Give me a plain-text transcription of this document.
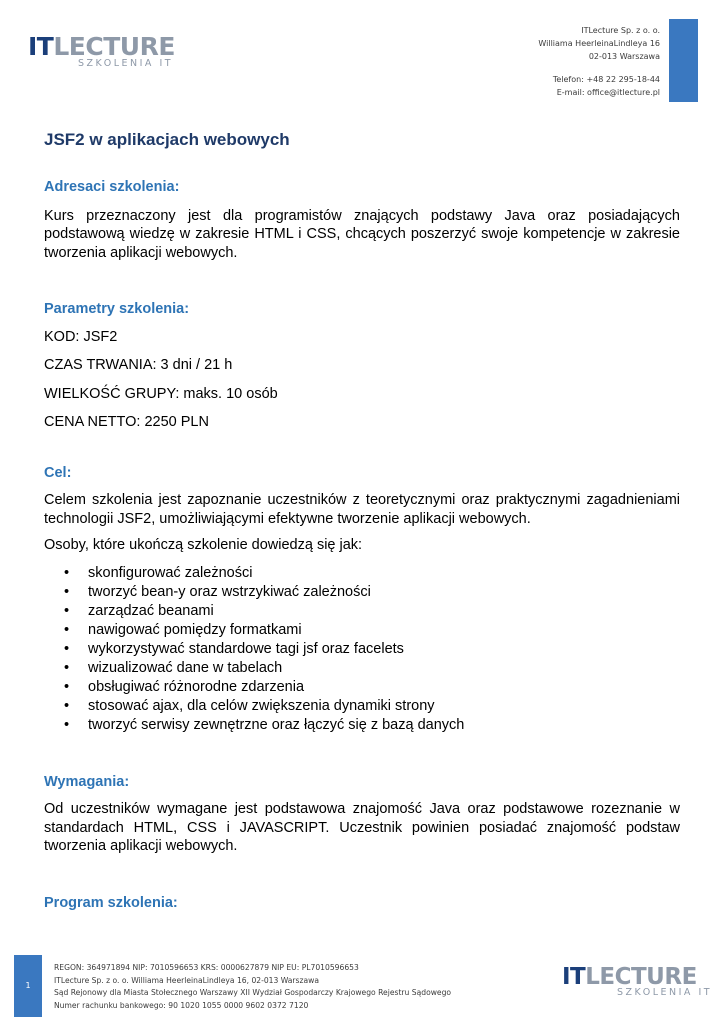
ITLECTURE
SZKOLENIA IT
ITLecture Sp. z o. o.
Williama HeerleinaLindleya 16
02-013 Warszawa
Telefon: +48 22 295-18-44
E-mail: office@itlecture.pl
JSF2 w aplikacjach webowych
Adresaci szkolenia:

Kurs przeznaczony jest dla programistów znających podstawy Java oraz posiadających podstawową wiedzę w zakresie HTML i CSS, chcących poszerzyć swoje kompetencje w zakresie tworzenia aplikacji webowych.

Parametry szkolenia:

KOD: JSF2

CZAS TRWANIA: 3 dni / 21 h

WIELKOŚĆ GRUPY: maks. 10 osób

CENA NETTO: 2250 PLN

Cel:

Celem szkolenia jest zapoznanie uczestników z teoretycznymi oraz praktycznymi zagadnieniami technologii JSF2, umożliwiającymi efektywne tworzenie aplikacji webowych.

Osoby, które ukończą szkolenie dowiedzą się jak:

• skonfigurować zależności
• tworzyć bean-y oraz wstrzykiwać zależności
• zarządzać beanami
• nawigować pomiędzy formatkami
• wykorzystywać standardowe tagi jsf oraz facelets
• wizualizować dane w tabelach
• obsługiwać różnorodne zdarzenia
• stosować ajax, dla celów zwiększenia dynamiki strony
• tworzyć serwisy zewnętrzne oraz łączyć się z bazą danych
Wymagania:

Od uczestników wymagane jest podstawowa znajomość Java oraz podstawowe rozeznanie w standardach HTML, CSS i JAVASCRIPT. Uczestnik powinien posiadać znajomość podstaw tworzenia aplikacji webowych.

Program szkolenia:
1
REGON: 364971894 NIP: 7010596653 KRS: 0000627879 NIP EU: PL7010596653
ITLecture Sp. z o. o. Williama HeerleinaLindleya 16, 02-013 Warszawa
Sąd Rejonowy dla Miasta Stołecznego Warszawy XII Wydział Gospodarczy Krajowego Rejestru Sądowego
Numer rachunku bankowego: 90 1020 1055 0000 9602 0372 7120
ITLECTURE
SZKOLENIA IT
